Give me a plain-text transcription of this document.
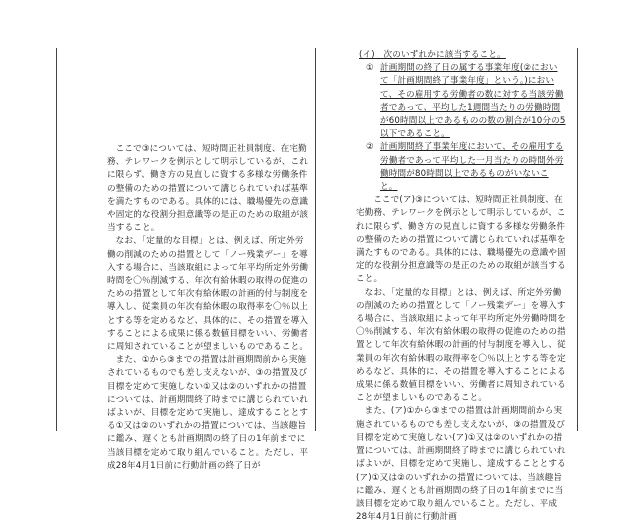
ここで③については、短時間正社員制度、在宅勤務、テレワークを例示として明示しているが、これに限らず、働き方の見直しに資する多様な労働条件の整備のための措置について講じられていれば基準を満たすものである。具体的には、職場優先の意識や固定的な役割分担意識等の是正のための取組が該当すること。

なお、「定量的な目標」とは、例えば、所定外労働の削減のための措置として「ノー残業デー」を導入する場合に、当該取組によって年平均所定外労働時間を〇％削減する、年次有給休暇の取得の促進のための措置として年次有給休暇の計画的付与制度を導入し、従業員の年次有給休暇の取得率を〇％以上とする等を定めるなど、具体的に、その措置を導入することによる成果に係る数値目標をいい、労働者に周知されていることが望ましいものであること。

また、①から③までの措置は計画期間前から実施されているものでも差し支えないが、③の措置及び目標を定めて実施しない①又は②のいずれかの措置については、計画期間終了時までに講じられていればよいが、目標を定めて実施し、達成することとする①又は②のいずれかの措置については、当該趣旨に鑑み、遅くとも計画期間の終了日の1年前までに当該目標を定めて取り組んでいること。ただし、平成28年4月1日前に行動計画の終了日が

(イ)　次のいずれかに該当すること。

① 計画期間の終了日の属する事業年度(②において「計画期間終了事業年度」という。)において、その雇用する労働者の数に対する当該労働者であって、平均した1週間当たりの労働時間が60時間以上であるものの数の割合が10分の5以下であること。

② 計画期間終了事業年度において、その雇用する労働者であって平均した一月当たりの時間外労働時間が80時間以上であるものがいないこと。

ここで(ア)③については、短時間正社員制度、在宅勤務、テレワークを例示として明示しているが、これに限らず、働き方の見直しに資する多様な労働条件の整備のための措置について講じられていれば基準を満たすものである。具体的には、職場優先の意識や固定的な役割分担意識等の是正のための取組が該当すること。

なお、「定量的な目標」とは、例えば、所定外労働の削減のための措置として「ノー残業デー」を導入する場合に、当該取組によって年平均所定外労働時間を〇％削減する、年次有給休暇の取得の促進のための措置として年次有給休暇の計画的付与制度を導入し、従業員の年次有給休暇の取得率を〇％以上とする等を定めるなど、具体的に、その措置を導入することによる成果に係る数値目標をいい、労働者に周知されていることが望ましいものであること。

また、(ア)①から③までの措置は計画期間前から実施されているものでも差し支えないが、③の措置及び目標を定めて実施しない(ア)①又は②のいずれかの措置については、計画期間終了時までに講じられていればよいが、目標を定めて実施し、達成することとする(ア)①又は②のいずれかの措置については、当該趣旨に鑑み、遅くとも計画期間の終了日の1年前までに当該目標を定めて取り組んでいること。ただし、平成28年4月1日前に行動計画
